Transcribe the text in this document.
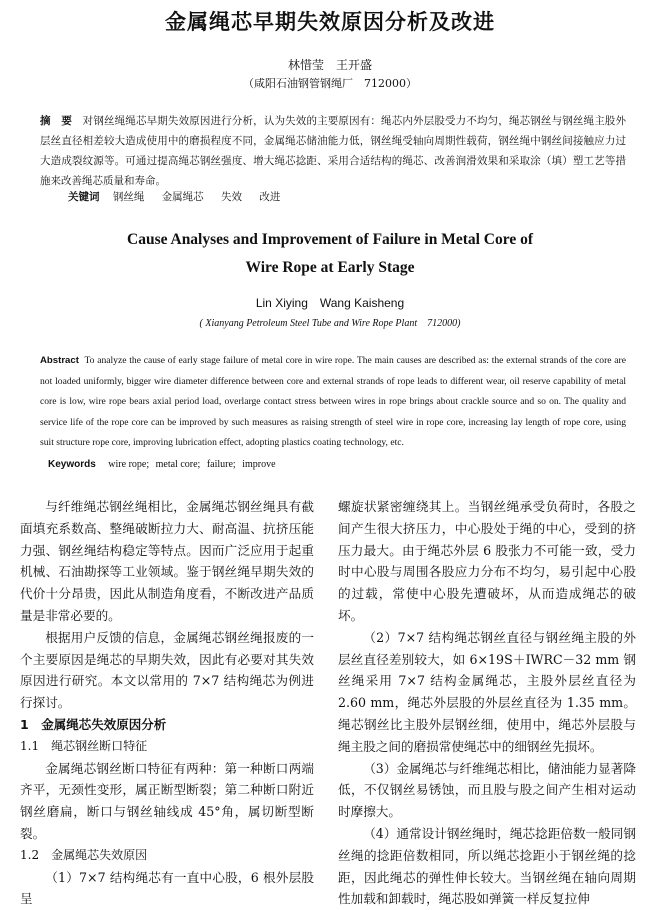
金属绳芯早期失效原因分析及改进
林惜莹　王开盛
（咸阳石油钢管钢绳厂　712000）
摘　要　 对钢丝绳绳芯早期失效原因进行分析，认为失效的主要原因有：绳芯内外层股受力不均匀，绳芯钢丝与钢丝绳主股外层丝直径相差较大造成使用中的磨损程度不同，金属绳芯储油能力低，钢丝绳受轴向周期性载荷，钢丝绳中钢丝间接触应力过大造成裂纹源等。可通过提高绳芯钢丝强度、增大绳芯捻距、采用合适结构的绳芯、改善润滑效果和采取涂（填）塑工艺等措施来改善绳芯质量和寿命。
关键词 钢丝绳 金属绳芯 失效 改进
Cause Analyses and Improvement of Failure in Metal Core of
Wire Rope at Early Stage
Lin Xiying　Wang Kaisheng
( Xianyang Petroleum Steel Tube and Wire Rope Plant　712000)
Abstract To analyze the cause of early stage failure of metal core in wire rope. The main causes are described as: the external strands of the core are not loaded uniformly, bigger wire diameter difference between core and external strands of rope leads to different wear, oil reserve capability of metal core is low, wire rope bears axial period load, overlarge contact stress between wires in rope brings about crackle source and so on. The quality and service life of the rope core can be improved by such measures as raising strength of steel wire in rope core, increasing lay length of rope core, using suit structure rope core, improving lubrication effect, adopting plastics coating technology, etc.
Keywords wire rope; metal core; failure; improve

与纤维绳芯钢丝绳相比，金属绳芯钢丝绳具有截面填充系数高、整绳破断拉力大、耐高温、抗挤压能力强、钢丝绳结构稳定等特点。因而广泛应用于起重机械、石油勘探等工业领域。鉴于钢丝绳早期失效的代价十分昂贵，因此从制造角度看，不断改进产品质量是非常必要的。

根据用户反馈的信息，金属绳芯钢丝绳报废的一个主要原因是绳芯的早期失效，因此有必要对其失效原因进行研究。本文以常用的 7×7 结构绳芯为例进行探讨。

1　金属绳芯失效原因分析

1.1　绳芯钢丝断口特征

金属绳芯钢丝断口特征有两种：第一种断口两端齐平，无颈性变形，属正断型断裂；第二种断口附近钢丝磨扁，断口与钢丝轴线成 45°角，属切断型断裂。

1.2　金属绳芯失效原因

（1）7×7 结构绳芯有一直中心股，6 根外层股呈

螺旋状紧密缠绕其上。当钢丝绳承受负荷时，各股之间产生很大挤压力，中心股处于绳的中心，受到的挤压力最大。由于绳芯外层 6 股张力不可能一致，受力时中心股与周围各股应力分布不均匀，易引起中心股的过载，常使中心股先遭破坏，从而造成绳芯的破坏。

（2）7×7 结构绳芯钢丝直径与钢丝绳主股的外层丝直径差别较大，如 6×19S＋IWRC－32 mm 钢丝绳采用 7×7 结构金属绳芯，主股外层丝直径为 2.60 mm，绳芯外层股的外层丝直径为 1.35 mm。绳芯钢丝比主股外层钢丝细，使用中，绳芯外层股与绳主股之间的磨损常使绳芯中的细钢丝先损坏。

（3）金属绳芯与纤维绳芯相比，储油能力显著降低，不仅钢丝易锈蚀，而且股与股之间产生相对运动时摩擦大。

（4）通常设计钢丝绳时，绳芯捻距倍数一般同钢丝绳的捻距倍数相同，所以绳芯捻距小于钢丝绳的捻距，因此绳芯的弹性伸长较大。当钢丝绳在轴向周期性加载和卸载时，绳芯股如弹簧一样反复拉伸
